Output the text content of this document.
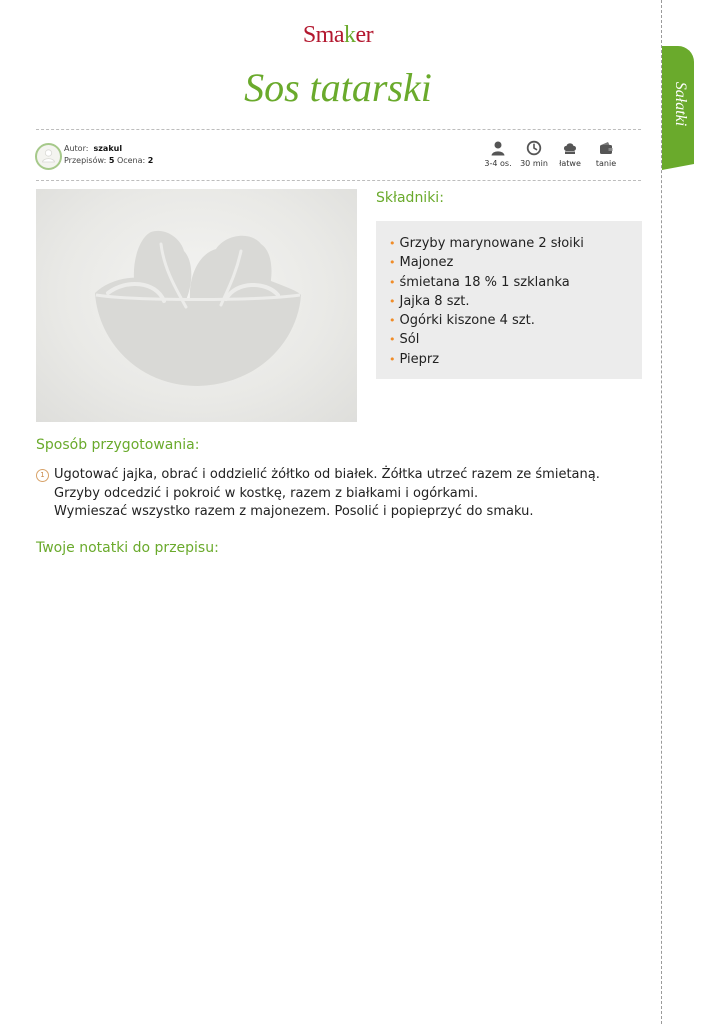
Smaker
Sos tatarski	Sałatki
Autor: szakul
Przepisów: 5 Ocena: 2	3-4 os.	30 min	łatwe	tanie
Składniki:
• Grzyby marynowane 2 słoiki
• Majonez
• śmietana 18 % 1 szklanka
• Jajka 8 szt.
• Ogórki kiszone 4 szt.
• Sól
• Pieprz
Sposób przygotowania:
1 Ugotować jajka, obrać i oddzielić żółtko od białek. Żółtka utrzeć razem ze śmietaną.
Grzyby odcedzić i pokroić w kostkę, razem z białkami i ogórkami.
Wymieszać wszystko razem z majonezem. Posolić i popieprzyć do smaku.
Twoje notatki do przepisu:
